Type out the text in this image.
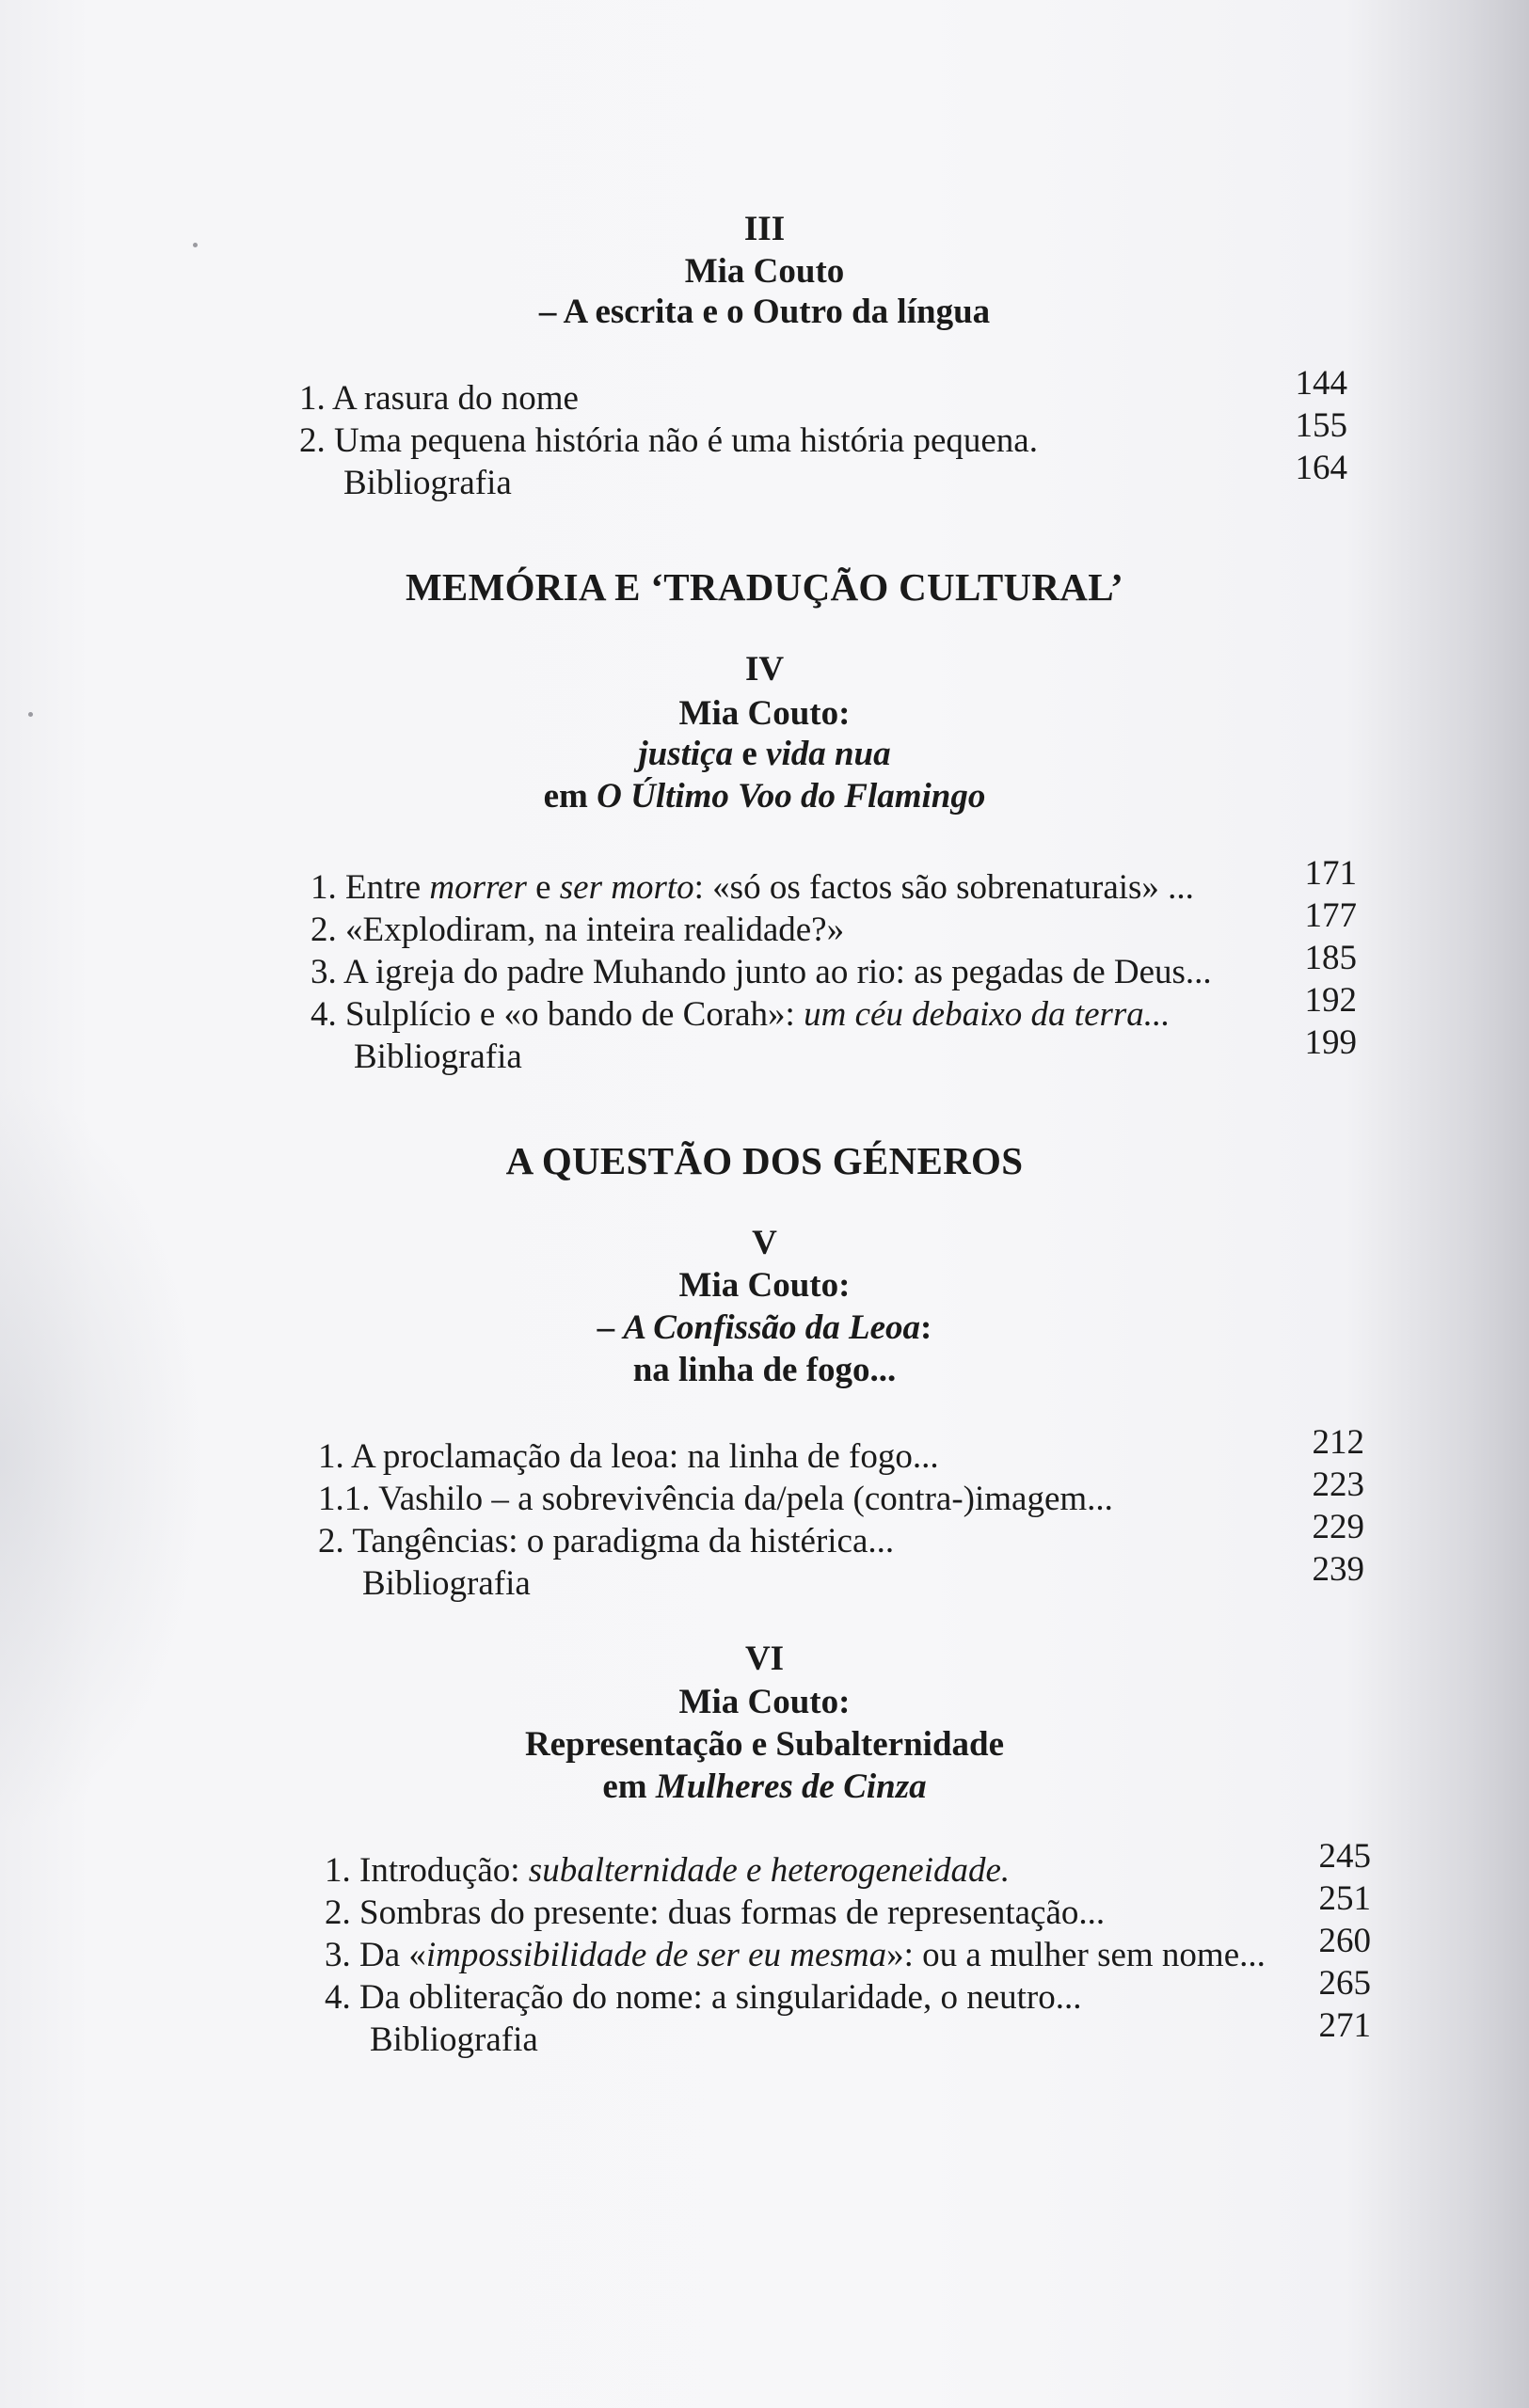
III
Mia Couto
– A escrita e o Outro da língua
1. A rasura do nome	144
2. Uma pequena história não é uma história pequena.	155
Bibliografia	164
MEMÓRIA E ‘TRADUÇÃO CULTURAL’
IV
Mia Couto:
justiça e vida nua
em O Último Voo do Flamingo
1. Entre morrer e ser morto: «só os factos são sobrenaturais» ...	171
2. «Explodiram, na inteira realidade?»	177
3. A igreja do padre Muhando junto ao rio: as pegadas de Deus...	185
4. Sulplício e «o bando de Corah»: um céu debaixo da terra...	192
Bibliografia	199
A QUESTÃO DOS GÉNEROS
V
Mia Couto:
– A Confissão da Leoa:
na linha de fogo...
1. A proclamação da leoa: na linha de fogo...	212
1.1. Vashilo – a sobrevivência da/pela (contra-)imagem...	223
2. Tangências: o paradigma da histérica...	229
Bibliografia	239
VI
Mia Couto:
Representação e Subalternidade
em Mulheres de Cinza
1. Introdução: subalternidade e heterogeneidade.	245
2. Sombras do presente: duas formas de representação...	251
3. Da «impossibilidade de ser eu mesma»: ou a mulher sem nome...	260
4. Da obliteração do nome: a singularidade, o neutro...	265
Bibliografia	271
